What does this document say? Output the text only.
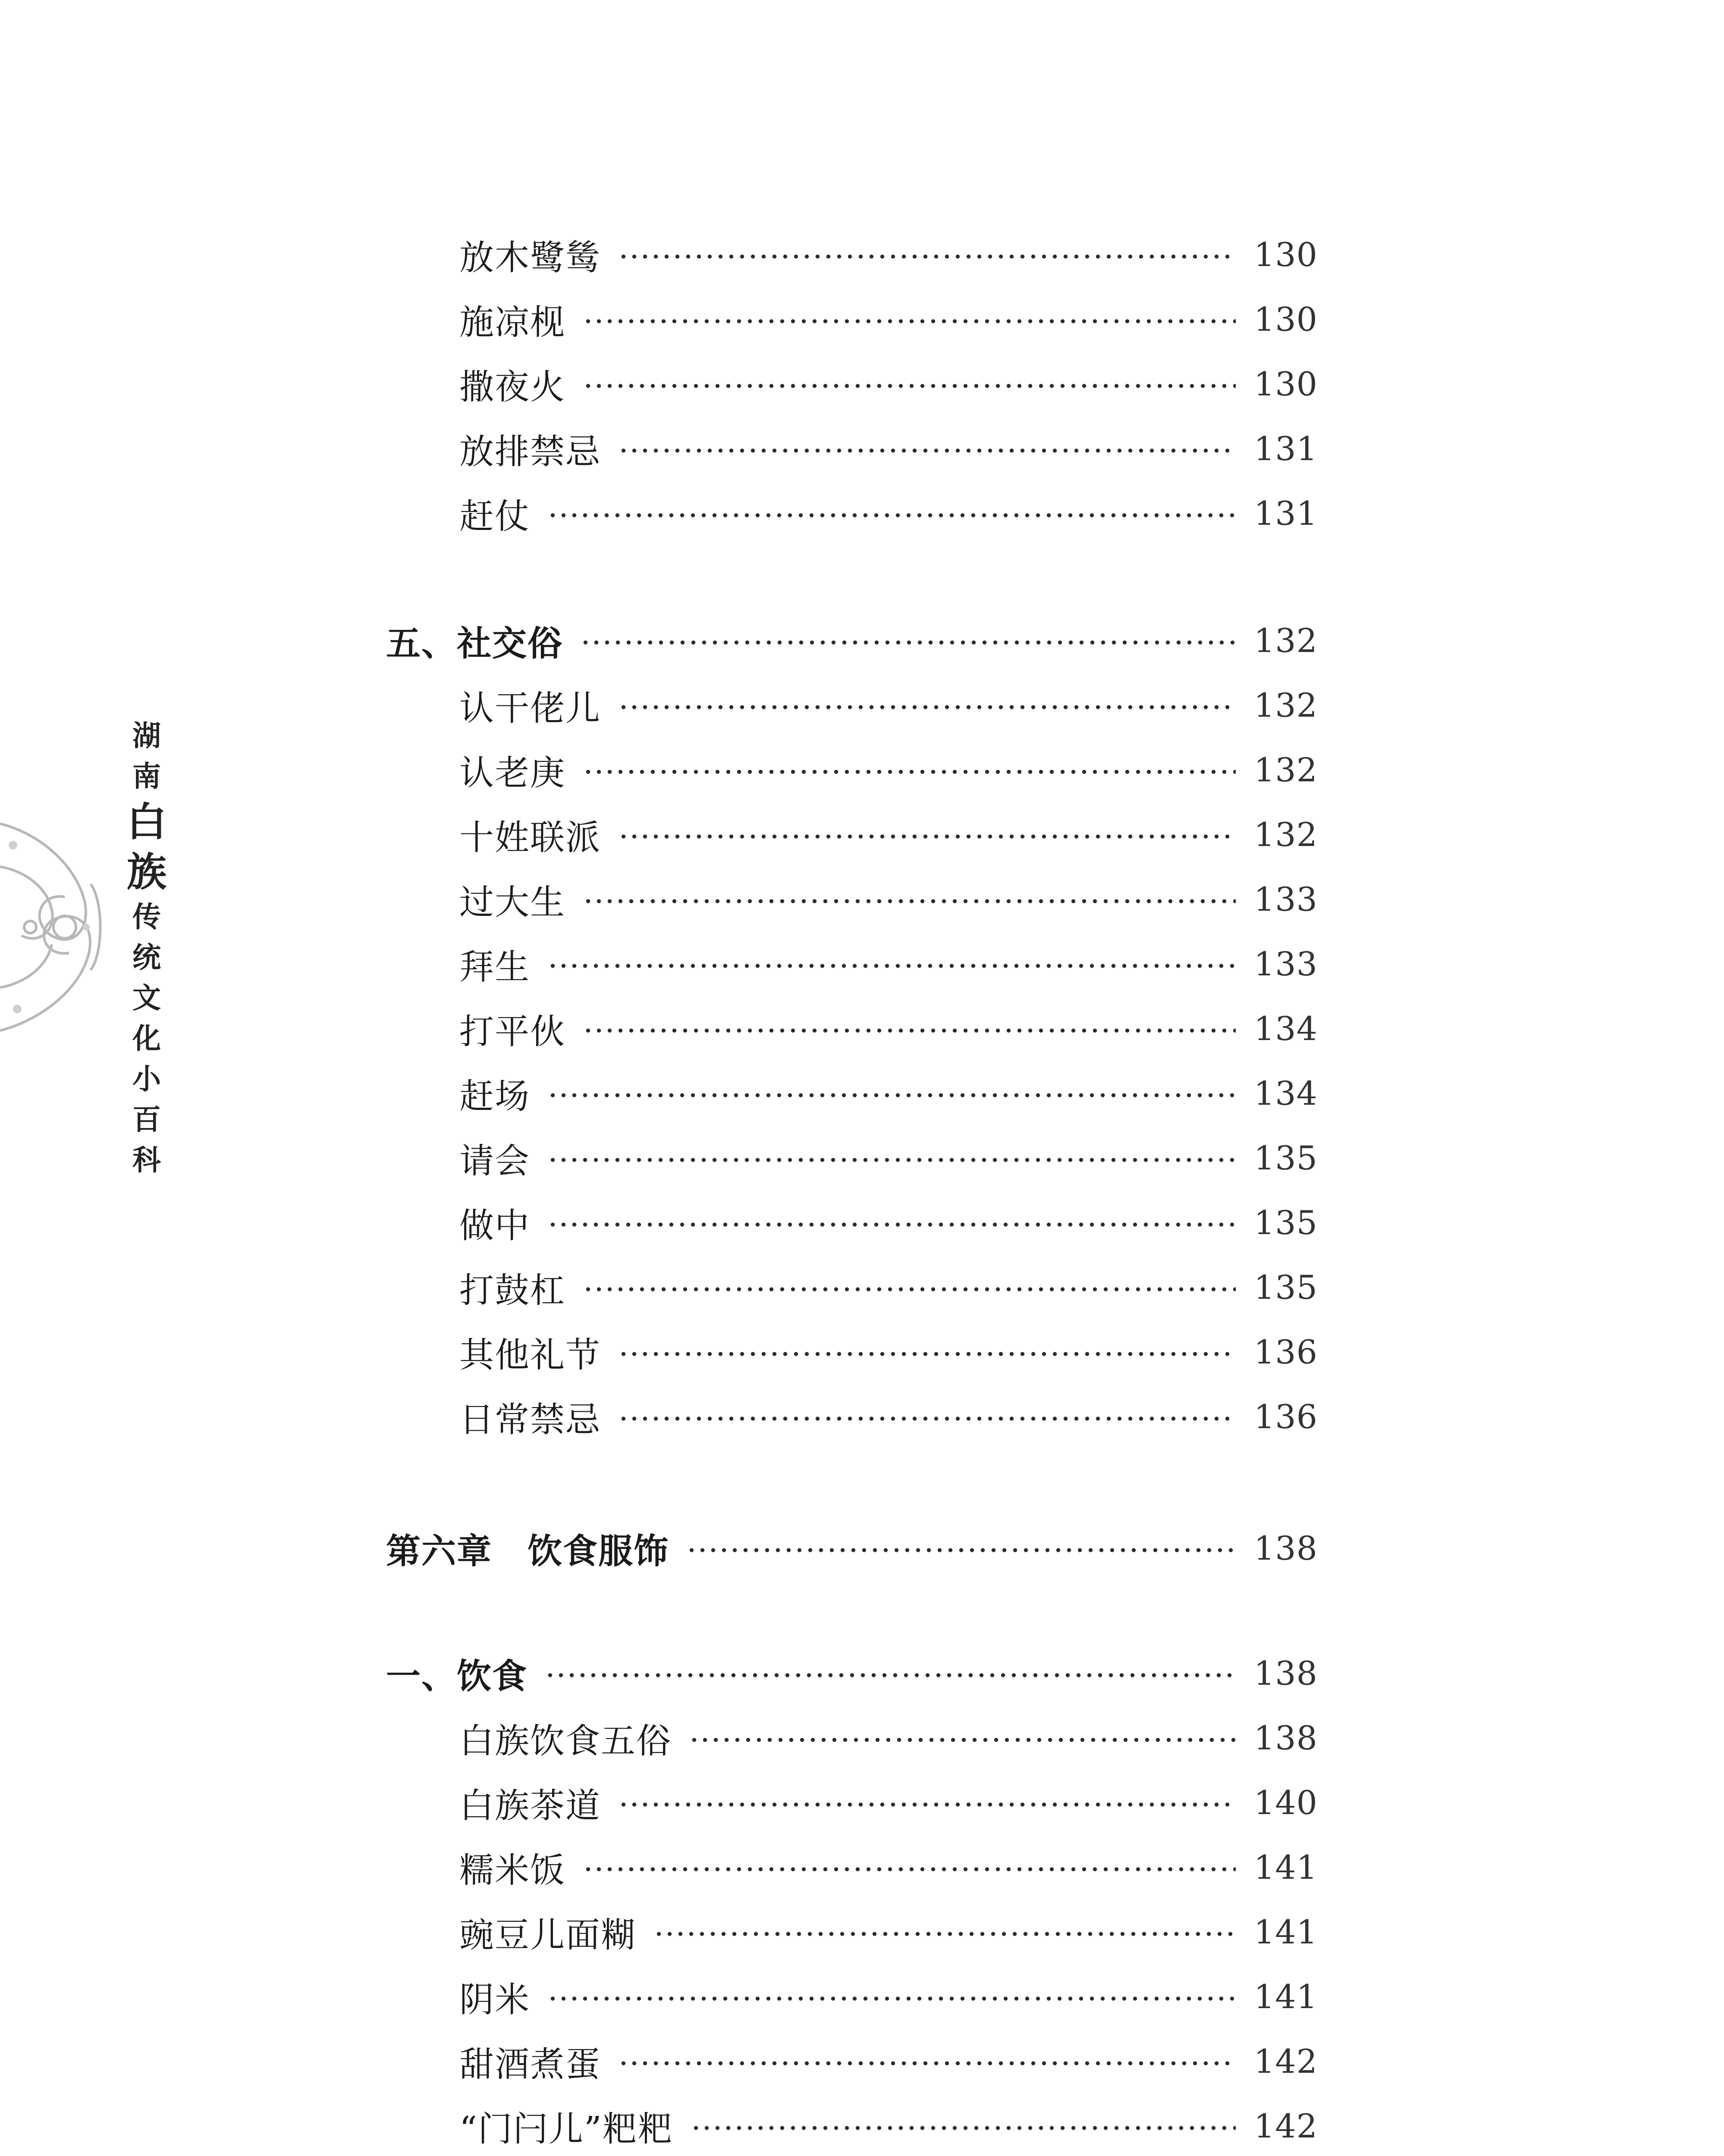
湖
南
白
族
传
统
文
化
小
百
科
放木鹭鸶	130
施凉枧	130
撒夜火	130
放排禁忌	131
赶仗	131
五、社交俗	132
认干佬儿	132
认老庚	132
十姓联派	132
过大生	133
拜生	133
打平伙	134
赶场	134
请会	135
做中	135
打鼓杠	135
其他礼节	136
日常禁忌	136
第六章　饮食服饰	138
一、饮食	138
白族饮食五俗	138
白族茶道	140
糯米饭	141
豌豆儿面糊	141
阴米	141
甜酒煮蛋	142
“门闩儿”粑粑	142
